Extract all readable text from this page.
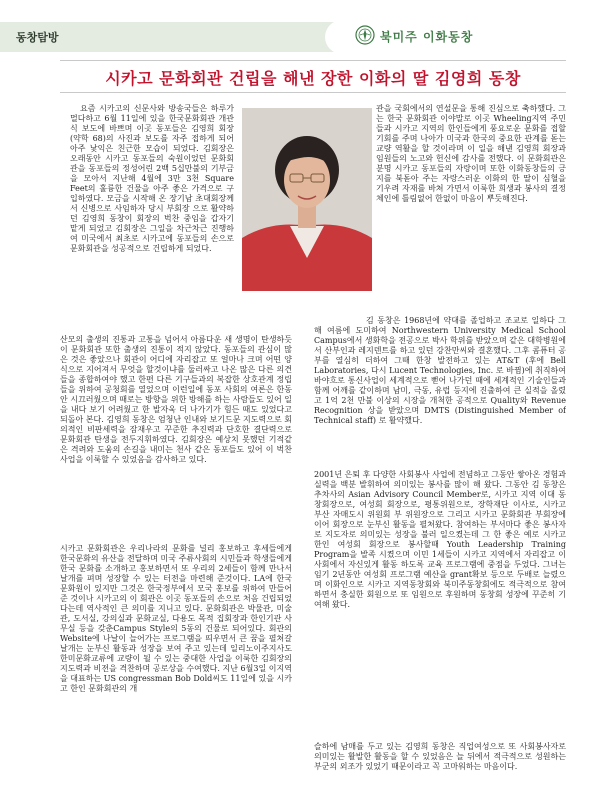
동창탐방	북미주 이화동창
시카고 문화회관 건립을 해낸 장한 이화의 딸 김영희 동창

요즘 시카고의 신문사와 방송국들은 하루가 멀다하고 6월 11일에 있을 한국문화회관 개관식 보도에 바쁘며 이곳 동포들은 김영희 회장 (약학 68)의 사진과 보도를 자주 접하게 되어 아주 낯익은 친근한 모습이 되었다. 김회장은 오래동안 시카고 동포들의 숙원이었던 문화회관을 동포들의 정성어린 2백 5십만불의 기부금을 모아서 지난해 4월에 3만 3천 Square Feet의 훌륭한 건물을 아주 좋은 가격으로 구입하였다. 모금을 시작해 온 장기남 초대회장께서 신병으로 사임하자 당시 부회장 으로 활약하던 김영희 동창이 회장의 벅찬 중임을 갑자기 맡게 되었고 김회장은 그일을 차근차근 진행하여 미국에서 최초로 시카고에 동포들의 손으로 문화회관을 성공적으로 건립하게 되었다.

산모의 출생의 진통과 고통을 넘어서 아름다운 새 생명이 탄생하듯이 문화회관 또한 출생의 진통이 적지 않았다. 동포들의 관심이 많은 것은 좋았으나 회관이 어디에 자리잡고 또 얼마나 크며 어떤 양식으로 지어져서 무엇을 할것이냐를 둘러싸고 나온 많은 다른 의견들을 종합하여야 했고 한편 다른 기구들과의 복잡한 상호관계 정립들을 위하여 공청회를 열었으며 이런일에 동포 사회의 여론은 한동안 시끄러웠으며 때로는 방향을 위한 방해를 하는 사람들도 있어 일을 내다 보기 어려웠고 한 발자욱 더 나가기가 힘든 때도 있었다고 되돌아 본다. 김영희 동창은 엄청난 인내와 보기드문 지도력으로 회의적인 비판세력을 잠재우고 꾸준한 추진력과 단호한 결단력으로 문화회관 탄생을 전두지휘하였다. 김회장은 예상치 못했던 기적같은 격려와 도움의 손길을 내미는 천사 같은 동포들도 있어 이 벅찬 사업을 이룩할 수 있었음을 감사하고 있다.

시카고 문화회관은 우리나라의 문화를 널리 홍보하고 후세들에게 한국문화의 유산을 전달하며 미국 주류사회의 시민들과 학생들에게 한국 문화를 소개하고 홍보하면서 또 우리의 2세들이 함께 만나서 날개를 펴며 성장할 수 있는 터전을 마련해 준것이다. LA에 한국 문화원이 있지만 그것은 한국정부에서 모국 홍보를 위하여 만들어 준 것이나 시카고의 이 회관은 이곳 동포들의 손으로 처음 건립되었다는데 역사적인 큰 의미를 지니고 있다. 문화회관은 박물관, 미술관, 도서실, 강의실과 문화교실, 다용도 목적 집회장과 한인기관 사무실 등을 갖춘Campus Style의 5동의 건물로 되어있다. 회관의 Website에 나날이 늘어가는 프로그램을 띄우면서 큰 꿈을 펼쳐갈 날개는 눈부신 활동과 성장을 보여 주고 있는데 일리노이주지사도 한미문화교류에 교량이 될 수 있는 중대한 사업을 이룩한 김회장의 지도력과 비젼을 격찬하며 공로상을 수여했다. 지난 6월3일 이지역을 대표하는 US congressman Bob Dold씨도 11일에 있을 시카고 한인 문화회관의 개

관을 국회에서의 연설문을 통해 진심으로 축하했다. 그는 한국 문화회관 이야말로 이곳 Wheeling지역 주민들과 시카고 지역의 한인들에게 풍요로운 문화를 접할 기회를 주며 나아가 미국과 한국의 중요한 관계를 돋는 교량 역활을 할 것이라며 이 일을 해낸 김영희 회장과 임원들의 노고와 헌신에 감사를 전했다. 이 문화회관은 분명 시카고 동포들의 자랑이며 또한 이화동창들의 긍지를 북돋아 주는 자랑스러운 이화의 한 딸이 심혈을 기우려 자재를 바쳐 가면서 이룩한 희생과 봉사의 결정체인에 틀림없어 한없이 마음이 뿌듯해진다.

김 동창은 1968년에 약대를 졸업하고 조교로 일하다 그해 여름에 도미하여 Northwestern University Medical School Campus에서 생화학을 전공으로 박사 학위를 받았으며 같은 대학병원에서 산부인과 레지덴트를 하고 있던 강찬만씨와 결혼했다. 그후 콤퓨터 공부를 열심히 더하여 그때 한창 발전하고 있는 AT&T (후에 Bell Laboratories, 다시 Lucent Technologies, Inc. 로 바뀜)에 취직하여 바야흐로 통신사업이 세계적으로 뻗어 나가던 때에 세계적인 기술인들과 함께 어깨를 같이하며 남미, 극동, 유럽 등지에 진출하여 큰 실적을 올렸고 1억 2천 만불 이상의 시장을 개척한 공적으로 Quality와 Revenue Recognition 상을 받았으며 DMTS (Distinguished Member of Technical staff) 로 활약했다.

2001년 은퇴 후 다양한 사회봉사 사업에 전념하고 그동안 쌓아온 경험과 실력을 백분 발휘하여 의미있는 봉사를 많이 해 왔다. 그동안 김 동창은 추차사의 Asian Advisory Council Member로, 시카고 지역 이대 동창회장으로, 여성회 회장으로, 평통위원으로, 장학재단 이사로, 시카고 부산 자매도시 위원회 부 위원장으로 그리고 시카고 문화회관 부회장에 이어 회장으로 눈부신 활동을 펼쳐왔다. 참여하는 부서마다 좋은 봉사자로 지도자로 의미있는 성장을 불러 일으켰는데 그 한 좋은 예로 시카고 한인 여성회 회장으로 봉사할때 Youth Leadership Training Program을 발족 시켰으며 이민 1세들이 시카고 지역에서 자리잡고 이 사회에서 자신있게 활동 하도록 교육 프로그램에 중점을 두었다. 그녀는 임기 2년동안 여성회 프로그램 예산을 grant확보 등으로 두배로 늘렸으며 이화인으로 시카고 지역동창회와 북미주동창회에도 적극적으로 참여하면서 충실한 회원으로 또 임원으로 후원하며 동창회 성장에 꾸준히 기여해 왔다.

슬하에 남매를 두고 있는 김영희 동창은 직업여성으로 또 사회봉사자로 의미있는 활발한 활동을 할 수 있었음은 늘 뒤에서 적극적으로 성원하는 부군의 외조가 있었기 때문이라고 꼭 고마워하는 마음이다.
